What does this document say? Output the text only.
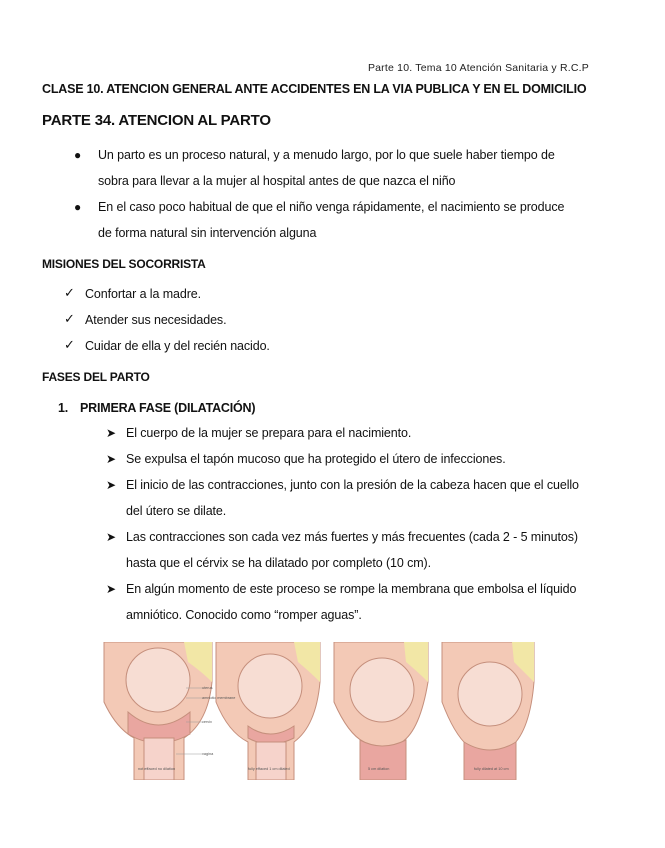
Parte 10. Tema 10 Atención Sanitaria y R.C.P
CLASE 10. ATENCION GENERAL ANTE ACCIDENTES EN LA VIA PUBLICA Y EN EL DOMICILIO
PARTE 34. ATENCION AL PARTO
● Un parto es un proceso natural, y a menudo largo, por lo que suele haber tiempo de
sobra para llevar a la mujer al hospital antes de que nazca el niño
● En el caso poco habitual de que el niño venga rápidamente, el nacimiento se produce
de forma natural sin intervención alguna
MISIONES DEL SOCORRISTA
✓ Confortar a la madre.
✓ Atender sus necesidades.
✓ Cuidar de ella y del recién nacido.
FASES DEL PARTO
1. PRIMERA FASE (DILATACIÓN)
➤ El cuerpo de la mujer se prepara para el nacimiento.
➤ Se expulsa el tapón mucoso que ha protegido el útero de infecciones.
➤ El inicio de las contracciones, junto con la presión de la cabeza hacen que el cuello
del útero se dilate.
➤ Las contracciones son cada vez más fuertes y más frecuentes (cada 2 - 5 minutos)
hasta que el cérvix se ha dilatado por completo (10 cm).
➤ En algún momento de este proceso se rompe la membrana que embolsa el líquido
amniótico. Conocido como “romper aguas”.
uterus
amniotic membrane
cervix
vagina
not effaced no dilation	fully effaced 1 cm dilated	5 cm dilation	fully dilated at 10 cm
